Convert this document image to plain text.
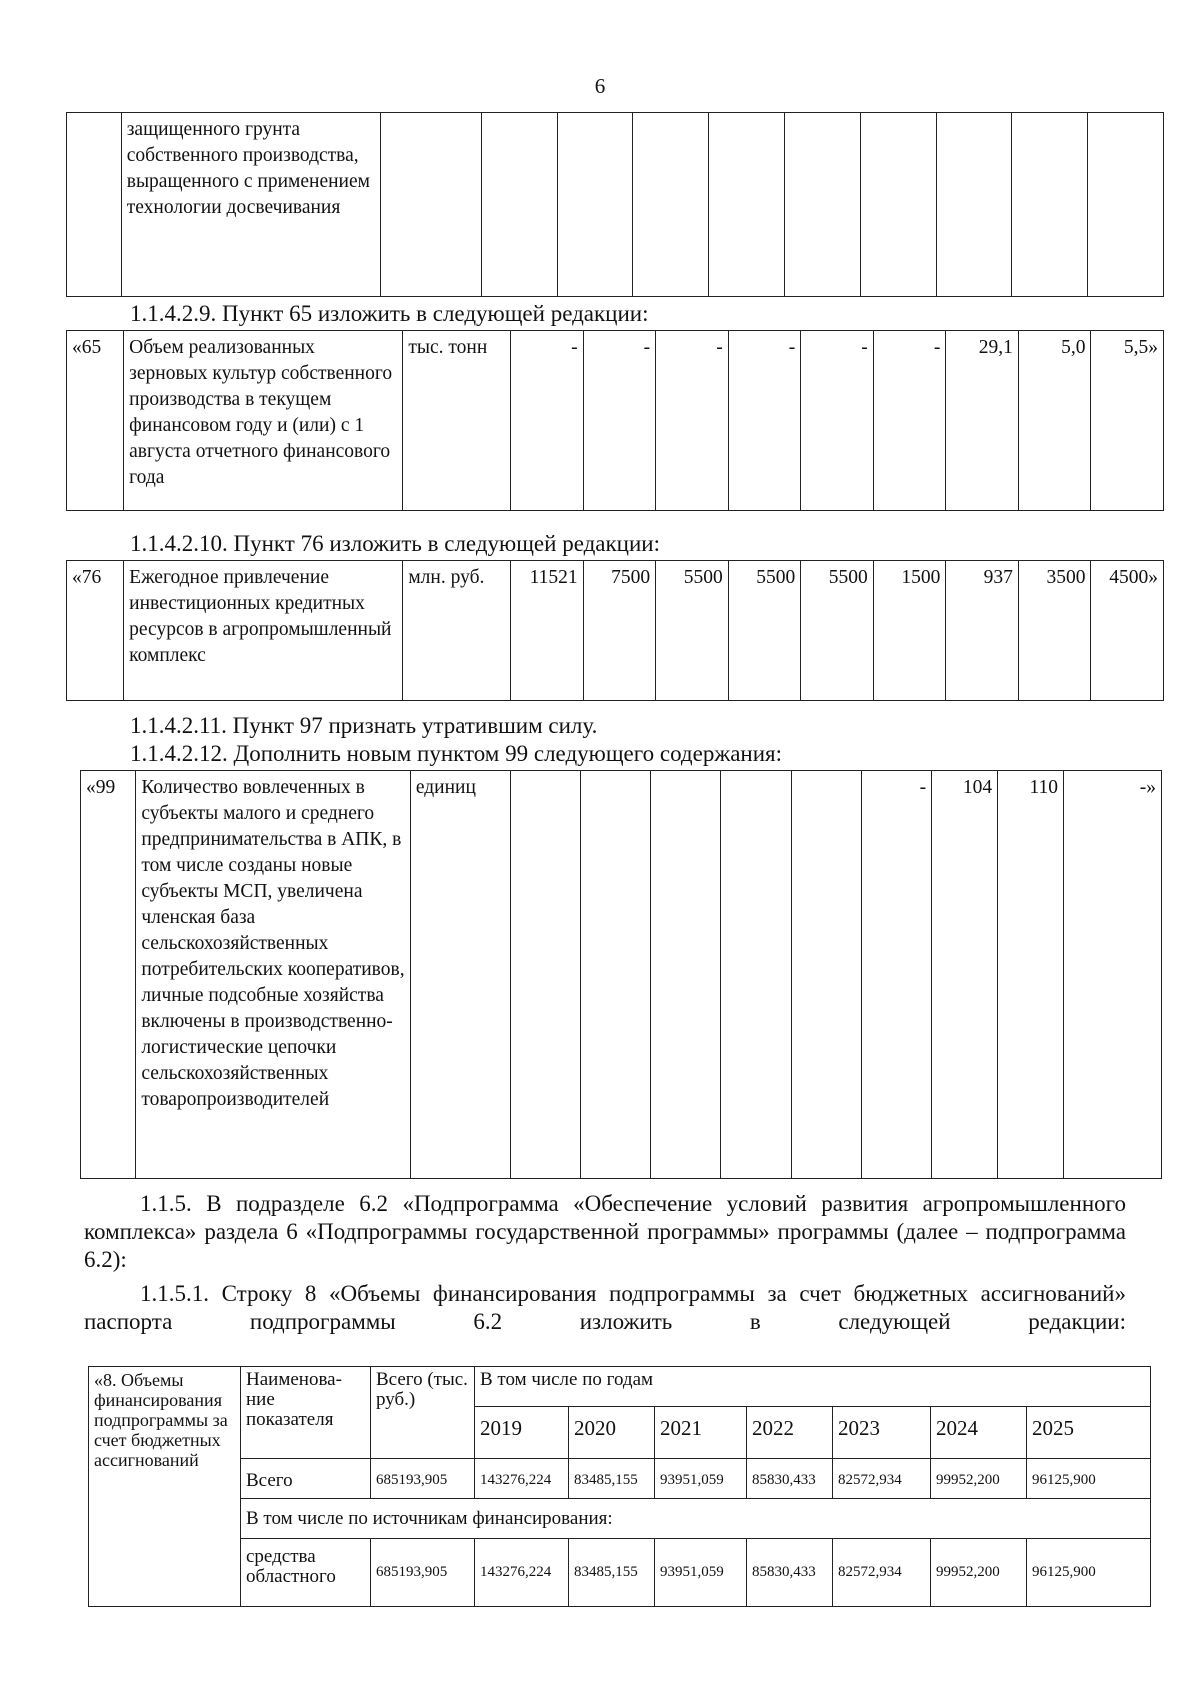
6
	защищенного грунта собственного производства, выращенного с применением технологии досвечивания										
1.1.4.2.9. Пункт 65 изложить в следующей редакции:
«65	Объем реализованных зерновых культур собственного производства в текущем финансовом году и (или) с 1 августа отчетного финансового года	тыс. тонн	-	-	-	-	-	-	29,1	5,0	5,5»
1.1.4.2.10. Пункт 76 изложить в следующей редакции:
«76	Ежегодное привлечение инвестиционных кредитных ресурсов в агропромышленный комплекс	млн. руб.	11521	7500	5500	5500	5500	1500	937	3500	4500»
1.1.4.2.11. Пункт 97 признать утратившим силу.
1.1.4.2.12. Дополнить новым пунктом 99 следующего содержания:
«99	Количество вовлеченных в субъекты малого и среднего предпринимательства в АПК, в том числе созданы новые субъекты МСП, увеличена членская база сельскохозяйственных потребительских кооперативов, личные подсобные хозяйства включены в производственно-логистические цепочки сельскохозяйственных товаропроизводителей	единиц						-	104	110	-»
1.1.5. В подразделе 6.2 «Подпрограмма «Обеспечение условий развития агропромышленного комплекса» раздела 6 «Подпрограммы государственной программы» программы (далее – подпрограмма 6.2):
1.1.5.1. Строку 8 «Объемы финансирования подпрограммы за счет бюджетных ассигнований» паспорта подпрограммы 6.2 изложить в следующей редакции:
«8. Объемы финансирования подпрограммы за счет бюджетных ассигнований	Наименова-ние показателя	Всего (тыс. руб.)	В том числе по годам						
			2019	2020	2021	2022	2023	2024	2025
	Всего	685193,905	143276,224	83485,155	93951,059	85830,433	82572,934	99952,200	96125,900
	В том числе по источникам финансирования:								
	средства областного	685193,905	143276,224	83485,155	93951,059	85830,433	82572,934	99952,200	96125,900
